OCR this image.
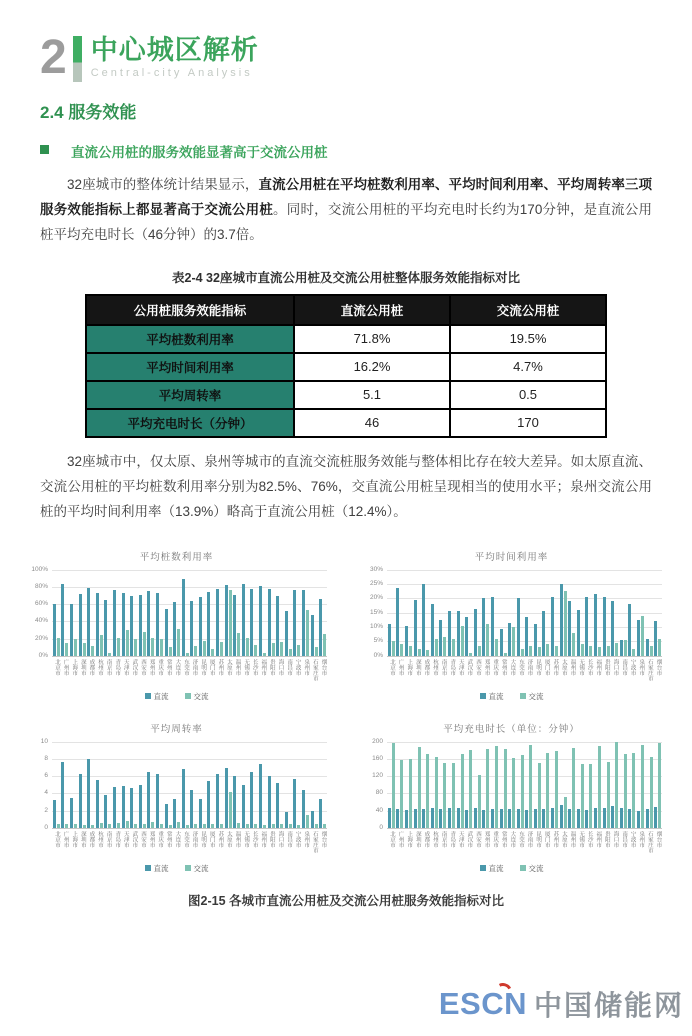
2 中心城区解析
Central-city Analysis
2.4 服务效能
直流公用桩的服务效能显著高于交流公用桩
32座城市的整体统计结果显示，直流公用桩在平均桩数利用率、平均时间利用率、平均周转率三项服务效能指标上都显著高于交流公用桩。同时，交流公用桩的平均充电时长约为170分钟，是直流公用桩平均充电时长（46分钟）的3.7倍。
表2-4 32座城市直流公用桩及交流公用桩整体服务效能指标对比
公用桩服务效能指标	直流公用桩	交流公用桩
平均桩数利用率	71.8%	19.5%
平均时间利用率	16.2%	4.7%
平均周转率	5.1	0.5
平均充电时长（分钟）	46	170
32座城市中，仅太原、泉州等城市的直流交流桩服务效能与整体相比存在较大差异。如太原直流、交流公用桩的平均桩数利用率分别为82.5%、76%，交直流公用桩呈现相当的使用水平；泉州交流公用桩的平均时间利用率（13.9%）略高于直流公用桩（12.4%）。
平均桩数利用率
0%
20%
40%
60%
80%
100%
北京市 广州市 上海市 深圳市 成都市 杭州市 南京市 青岛市 天津市 武汉市 西安市 郑州市 重庆市 常州市 大连市 东莞市 济南市 昆明市 厦门市 苏州市 太原市 温州市 无锡市 长沙市 福州市 贵阳市 海口市 南昌市 宁波市 泉州市 石家庄市 烟台市
直流	交流
平均时间利用率
0%
5%
10%
15%
20%
25%
30%
北京市 广州市 上海市 深圳市 成都市 杭州市 南京市 青岛市 天津市 武汉市 西安市 郑州市 重庆市 常州市 大连市 东莞市 济南市 昆明市 厦门市 苏州市 太原市 温州市 无锡市 长沙市 福州市 贵阳市 海口市 南昌市 宁波市 泉州市 石家庄市 烟台市
直流	交流
平均周转率
0
2
4
6
8
10
北京市 广州市 上海市 深圳市 成都市 杭州市 南京市 青岛市 天津市 武汉市 西安市 郑州市 重庆市 常州市 大连市 东莞市 济南市 昆明市 厦门市 苏州市 太原市 温州市 无锡市 长沙市 福州市 贵阳市 海口市 南昌市 宁波市 泉州市 石家庄市 烟台市
直流	交流
平均充电时长（单位：分钟）
0
40
80
120
160
200
北京市 广州市 上海市 深圳市 成都市 杭州市 南京市 青岛市 天津市 武汉市 西安市 郑州市 重庆市 常州市 大连市 东莞市 济南市 昆明市 厦门市 苏州市 太原市 温州市 无锡市 长沙市 福州市 贵阳市 海口市 南昌市 宁波市 泉州市 石家庄市 烟台市
直流	交流
图2-15 各城市直流公用桩及交流公用桩服务效能指标对比
ESCN 中国储能网
